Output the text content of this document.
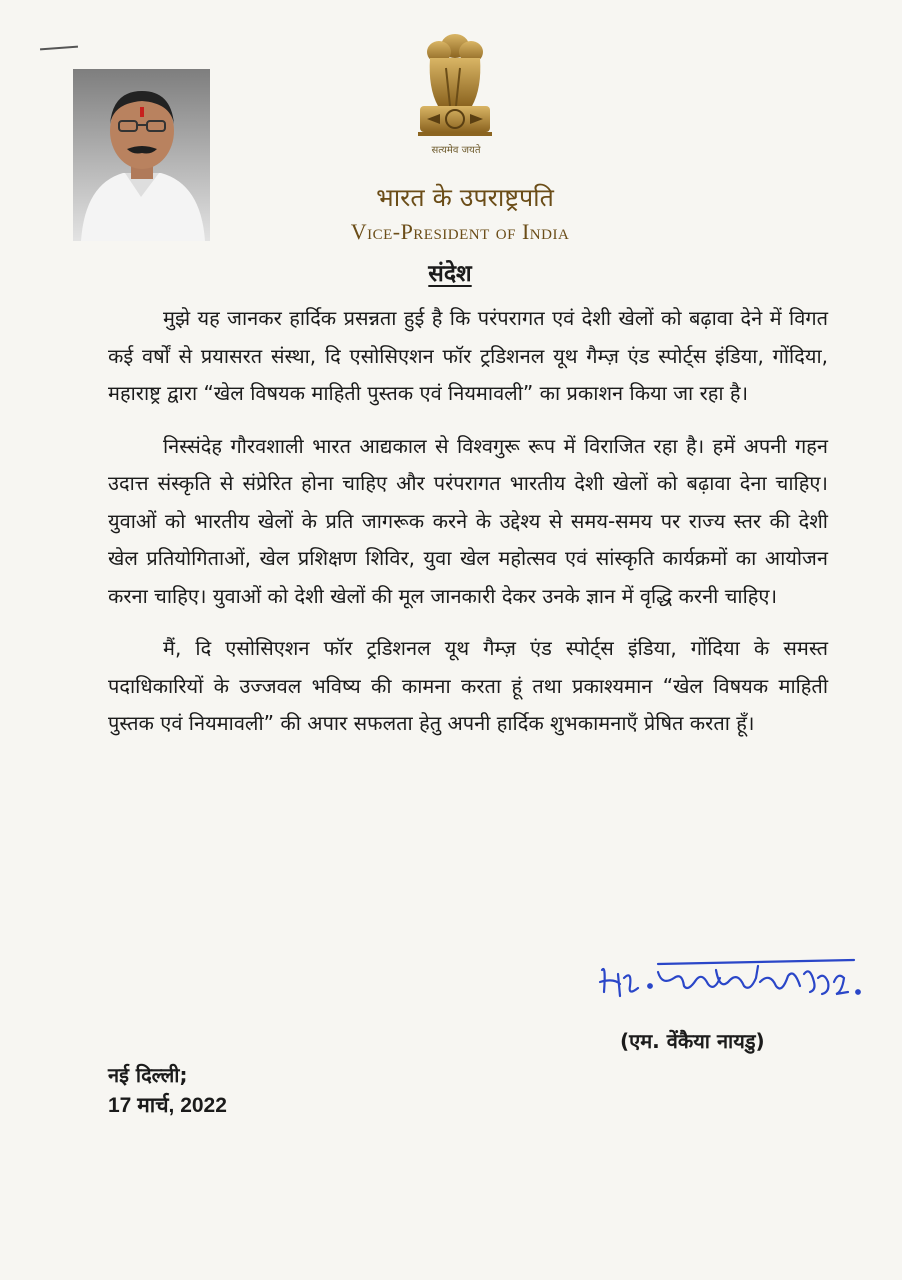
सत्यमेव जयते
भारत के उपराष्ट्रपति
Vice-President of India
संदेश

मुझे यह जानकर हार्दिक प्रसन्नता हुई है कि परंपरागत एवं देशी खेलों को बढ़ावा देने में विगत कई वर्षों से प्रयासरत संस्था, दि एसोसिएशन फॉर ट्रडिशनल यूथ गैम्ज़ एंड स्पोर्ट्स इंडिया, गोंदिया, महाराष्ट्र द्वारा “खेल विषयक माहिती पुस्तक एवं नियमावली” का प्रकाशन किया जा रहा है।

निस्संदेह गौरवशाली भारत आद्यकाल से विश्वगुरू रूप में विराजित रहा है। हमें अपनी गहन उदात्त संस्कृति से संप्रेरित होना चाहिए और परंपरागत भारतीय देशी खेलों को बढ़ावा देना चाहिए। युवाओं को भारतीय खेलों के प्रति जागरूक करने के उद्देश्य से समय-समय पर राज्य स्तर की देशी खेल प्रतियोगिताओं, खेल प्रशिक्षण शिविर, युवा खेल महोत्सव एवं सांस्कृति कार्यक्रमों का आयोजन करना चाहिए। युवाओं को देशी खेलों की मूल जानकारी देकर उनके ज्ञान में वृद्धि करनी चाहिए।

मैं, दि एसोसिएशन फॉर ट्रडिशनल यूथ गैम्ज़ एंड स्पोर्ट्स इंडिया, गोंदिया के समस्त पदाधिकारियों के उज्जवल भविष्य की कामना करता हूं तथा प्रकाश्यमान “खेल विषयक माहिती पुस्तक एवं नियमावली” की अपार सफलता हेतु अपनी हार्दिक शुभकामनाएँ प्रेषित करता हूँ।

(एम. वेंकैया नायडु)
नई दिल्ली;
17 मार्च, 2022
